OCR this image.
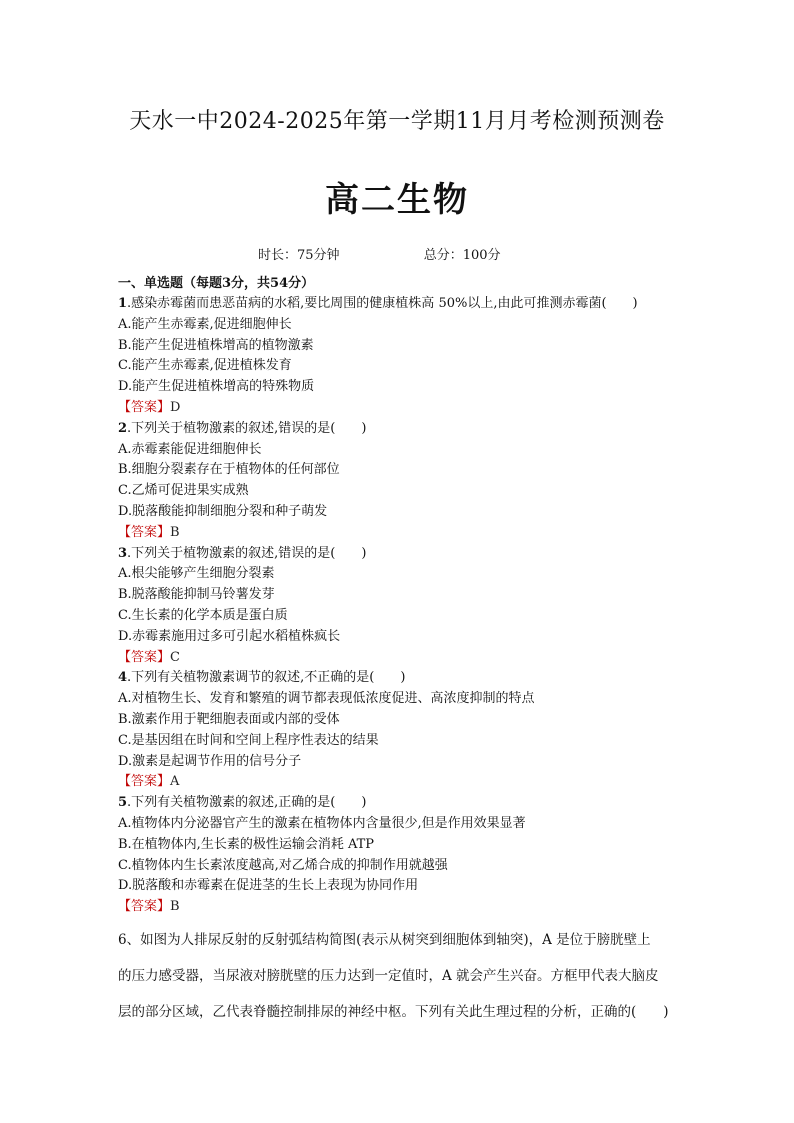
天水一中2024-2025年第一学期11月月考检测预测卷
高二生物
时长：75分钟	总分：100分
一、单选题（每题3分，共54分）
1.感染赤霉菌而患恶苗病的水稻,要比周围的健康植株高 50%以上,由此可推测赤霉菌(　　)
A.能产生赤霉素,促进细胞伸长
B.能产生促进植株增高的植物激素
C.能产生赤霉素,促进植株发育
D.能产生促进植株增高的特殊物质
【答案】D
2.下列关于植物激素的叙述,错误的是(　　)
A.赤霉素能促进细胞伸长
B.细胞分裂素存在于植物体的任何部位
C.乙烯可促进果实成熟
D.脱落酸能抑制细胞分裂和种子萌发
【答案】B
3.下列关于植物激素的叙述,错误的是(　　)
A.根尖能够产生细胞分裂素
B.脱落酸能抑制马铃薯发芽
C.生长素的化学本质是蛋白质
D.赤霉素施用过多可引起水稻植株疯长
【答案】C
4.下列有关植物激素调节的叙述,不正确的是(　　)
A.对植物生长、发育和繁殖的调节都表现低浓度促进、高浓度抑制的特点
B.激素作用于靶细胞表面或内部的受体
C.是基因组在时间和空间上程序性表达的结果
D.激素是起调节作用的信号分子
【答案】A
5.下列有关植物激素的叙述,正确的是(　　)
A.植物体内分泌器官产生的激素在植物体内含量很少,但是作用效果显著
B.在植物体内,生长素的极性运输会消耗 ATP
C.植物体内生长素浓度越高,对乙烯合成的抑制作用就越强
D.脱落酸和赤霉素在促进茎的生长上表现为协同作用
【答案】B
6、如图为人排尿反射的反射弧结构简图(表示从树突到细胞体到轴突)，A 是位于膀胱壁上
的压力感受器，当尿液对膀胱壁的压力达到一定值时，A 就会产生兴奋。方框甲代表大脑皮
层的部分区域，乙代表脊髓控制排尿的神经中枢。下列有关此生理过程的分析，正确的(　　)
